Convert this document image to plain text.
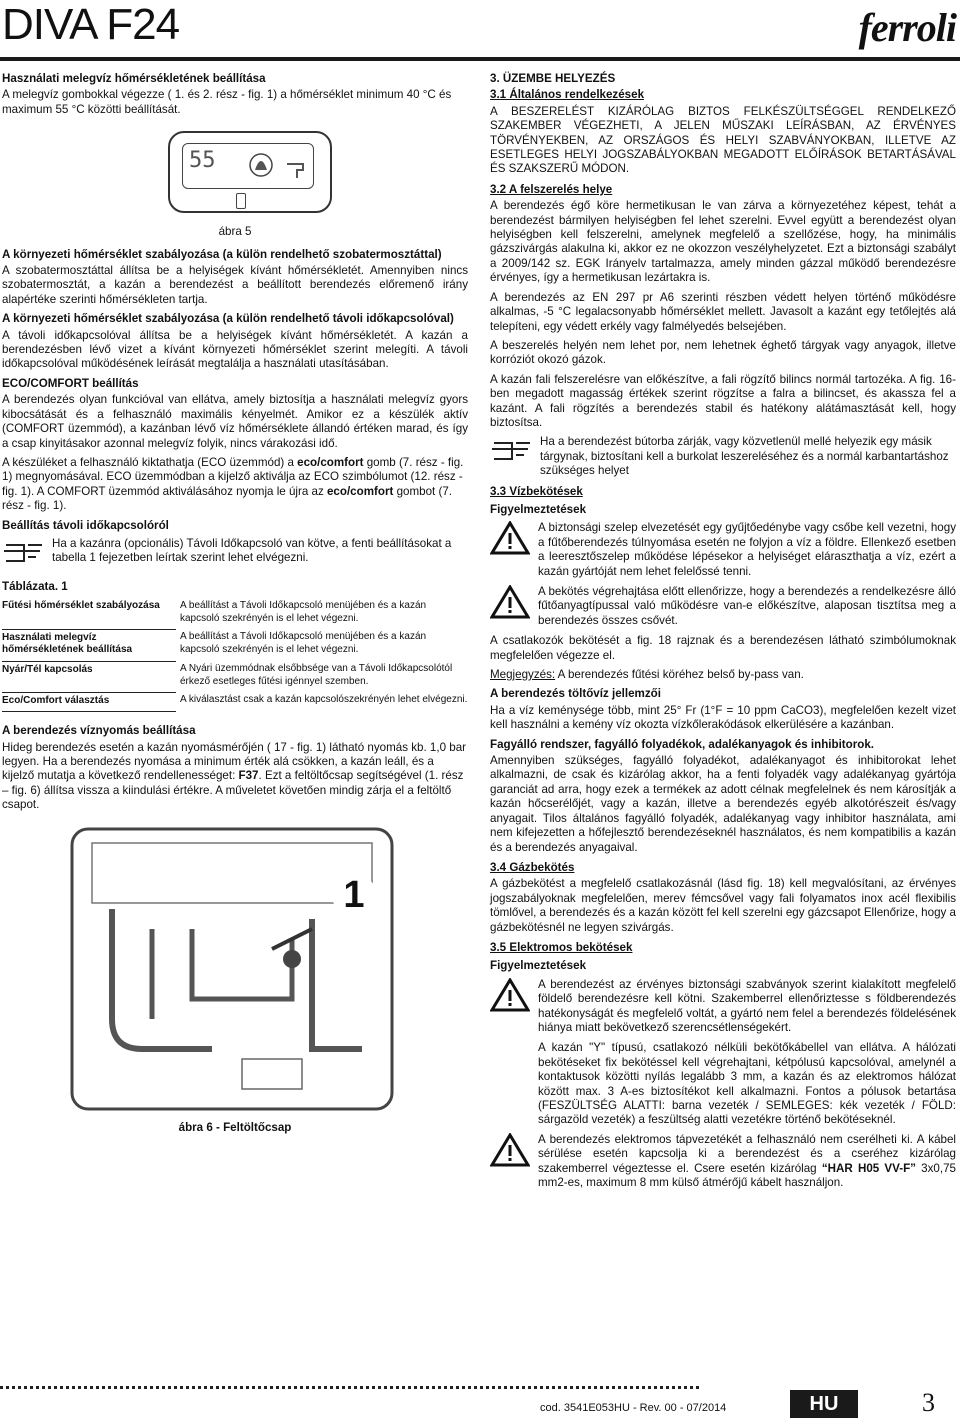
DIVA F24	ferroli
Használati melegvíz hőmérsékletének beállítása

A melegvíz gombokkal végezze ( 1. és 2. rész - fig. 1) a hőmérséklet minimum 40 °C és maximum 55 °C közötti beállítását.

55
ábra 5
A környezeti hőmérséklet szabályozása (a külön rendelhető szobatermosztáttal)

A szobatermosztáttal állítsa be a helyiségek kívánt hőmérsékletét. Amennyiben nincs szobatermosztát, a kazán a berendezést a beállított berendezés előremenő irány alapértéke szerinti hőmérsékleten tartja.

A környezeti hőmérséklet szabályozása (a külön rendelhető távoli időkapcsolóval)

A távoli időkapcsolóval állítsa be a helyiségek kívánt hőmérsékletét. A kazán a berendezésben lévő vizet a kívánt környezeti hőmérséklet szerint melegíti. A távoli időkapcsolóval működésének leírását megtalálja a használati utasításában.

ECO/COMFORT beállítás

A berendezés olyan funkcióval van ellátva, amely biztosítja a használati melegvíz gyors kibocsátását és a felhasználó maximális kényelmét. Amikor ez a készülék aktív (COMFORT üzemmód), a kazánban lévő víz hőmérséklete állandó értéken marad, és így a csap kinyitásakor azonnal melegvíz folyik, nincs várakozási idő.

A készüléket a felhasználó kiktathatja (ECO üzemmód) a eco/comfort gomb (7. rész - fig. 1) megnyomásával. ECO üzemmódban a kijelző aktiválja az ECO szimbólumot (12. rész - fig. 1). A COMFORT üzemmód aktiválásához nyomja le újra az eco/comfort gombot (7. rész - fig. 1).

Beállítás távoli időkapcsolóról
Ha a kazánra (opcionális) Távoli Időkapcsoló van kötve, a fenti beállításokat a tabella 1 fejezetben leírtak szerint lehet elvégezni.
Táblázata. 1
Fűtési hőmérséklet szabályozása	A beállítást a Távoli Időkapcsoló menüjében és a kazán kapcsoló szekrényén is el lehet végezni.
Használati melegvíz hőmérsékletének beállítása	A beállítást a Távoli Időkapcsoló menüjében és a kazán kapcsoló szekrényén is el lehet végezni.
Nyár/Tél kapcsolás	A Nyári üzemmódnak elsőbbsége van a Távoli Időkapcsolótól érkező esetleges fűtési igénnyel szemben.
Eco/Comfort választás	A kiválasztást csak a kazán kapcsolószekrényén lehet elvégezni.
A berendezés víznyomás beállítása

Hideg berendezés esetén a kazán nyomásmérőjén ( 17 - fig. 1) látható nyomás kb. 1,0 bar legyen. Ha a berendezés nyomása a minimum érték alá csökken, a kazán leáll, és a kijelző mutatja a következő rendellenességet: F37. Ezt a feltöltőcsap segítségével (1. rész – fig. 6) állítsa vissza a kiindulási értékre. A műveletet követően mindig zárja el a feltöltő csapot.

1
ábra 6 - Feltöltőcsap
3. ÜZEMBE HELYEZÉS
3.1 Általános rendelkezések

A BESZERELÉST KIZÁRÓLAG BIZTOS FELKÉSZÜLTSÉGGEL RENDELKEZŐ SZAKEMBER VÉGEZHETI, A JELEN MŰSZAKI LEÍRÁSBAN, AZ ÉRVÉNYES TÖRVÉNYEKBEN, AZ ORSZÁGOS ÉS HELYI SZABVÁNYOKBAN, ILLETVE AZ ESETLEGES HELYI JOGSZABÁLYOKBAN MEGADOTT ELŐÍRÁSOK BETARTÁSÁVAL ÉS SZAKSZERŰ MÓDON.

3.2 A felszerelés helye

A berendezés égő köre hermetikusan le van zárva a környezetéhez képest, tehát a berendezést bármilyen helyiségben fel lehet szerelni. Evvel együtt a berendezést olyan helyiségben kell felszerelni, amelynek megfelelő a szellőzése, hogy, ha minimális gázszivárgás alakulna ki, akkor ez ne okozzon veszélyhelyzetet. Ezt a biztonsági szabályt a 2009/142 sz. EGK Irányelv tartalmazza, amely minden gázzal működő berendezésre érvényes, így a hermetikusan lezártakra is.

A berendezés az EN 297 pr A6 szerinti részben védett helyen történő működésre alkalmas, -5 °C legalacsonyabb hőmérséklet mellett. Javasolt a kazánt egy tetőlejtés alá telepíteni, egy védett erkély vagy falmélyedés belsejében.

A beszerelés helyén nem lehet por, nem lehetnek éghető tárgyak vagy anyagok, illetve korróziót okozó gázok.

A kazán fali felszerelésre van előkészítve, a fali rögzítő bilincs normál tartozéka. A fig. 16-ben megadott magasság értékek szerint rögzítse a falra a bilincset, és akassza fel a kazánt. A fali rögzítés a berendezés stabil és hatékony alátámasztását kell, hogy biztosítsa.

Ha a berendezést bútorba zárják, vagy közvetlenül mellé helyezik egy másik tárgynak, biztosítani kell a burkolat leszereléséhez és a normál karbantartáshoz szükséges helyet
3.3 Vízbekötések
Figyelmeztetések
A biztonsági szelep elvezetését egy gyűjtőedénybe vagy csőbe kell vezetni, hogy a fűtőberendezés túlnyomása esetén ne folyjon a víz a földre. Ellenkező esetben a leeresztőszelep működése lépésekor a helyiséget eláraszthatja a víz, ezért a kazán gyártóját nem lehet felelőssé tenni.
A bekötés végrehajtása előtt ellenőrizze, hogy a berendezés a rendelkezésre álló fűtőanyagtípussal való működésre van-e előkészítve, alaposan tisztítsa meg a berendezés összes csővét.

A csatlakozók bekötését a fig. 18 rajznak és a berendezésen látható szimbólumoknak megfelelően végezze el.

Megjegyzés: A berendezés fűtési köréhez belső by-pass van.

A berendezés töltővíz jellemzői

Ha a víz keménysége több, mint 25° Fr (1°F = 10 ppm CaCO3), megfelelően kezelt vizet kell használni a kemény víz okozta vízkőlerakódások elkerülésére a kazánban.

Fagyálló rendszer, fagyálló folyadékok, adalékanyagok és inhibitorok.

Amennyiben szükséges, fagyálló folyadékot, adalékanyagot és inhibitorokat lehet alkalmazni, de csak és kizárólag akkor, ha a fenti folyadék vagy adalékanyag gyártója garanciát ad arra, hogy ezek a termékek az adott célnak megfelelnek és nem károsítják a kazán hőcserélőjét, vagy a kazán, illetve a berendezés egyéb alkotórészeit és/vagy anyagait. Tilos általános fagyálló folyadék, adalékanyag vagy inhibitor használata, ami nem kifejezetten a hőfejlesztő berendezéseknél használatos, és nem kompatibilis a kazán és a berendezés anyagaival.

3.4 Gázbekötés

A gázbekötést a megfelelő csatlakozásnál (lásd fig. 18) kell megvalósítani, az érvényes jogszabályoknak megfelelően, merev fémcsővel vagy fali folyamatos inox acél flexibilis tömlővel, a berendezés és a kazán között fel kell szerelni egy gázcsapot Ellenőrize, hogy a gázbekötésnél ne legyen szivárgás.

3.5 Elektromos bekötések
Figyelmeztetések
A berendezést az érvényes biztonsági szabványok szerint kialakított megfelelő földelő berendezésre kell kötni. Szakemberrel ellenőriztesse s földberendezés hatékonyságát és megfelelő voltát, a gyártó nem felel a berendezés földelésének hiánya miatt bekövetkező szerencsétlenségekért.

A kazán "Y" típusú, csatlakozó nélküli bekötőkábellel van ellátva. A hálózati bekötéseket fix bekötéssel kell végrehajtani, kétpólusú kapcsolóval, amelynél a kontaktusok közötti nyílás legalább 3 mm, a kazán és az elektromos hálózat között max. 3 A-es biztosítékot kell alkalmazni. Fontos a pólusok betartása (FESZÜLTSÉG ALATTI: barna vezeték / SEMLEGES: kék vezeték / FÖLD: sárgazöld vezeték) a feszültség alatti vezetékre történő bekötéseknél.

A berendezés elektromos tápvezetékét a felhasználó nem cserélheti ki. A kábel sérülése esetén kapcsolja ki a berendezést és a cseréhez kizárólag szakemberrel végeztesse el. Csere esetén kizárólag “HAR H05 VV-F” 3x0,75 mm2-es, maximum 8 mm külső átmérőjű kábelt használjon.
cod. 3541E053HU - Rev. 00 - 07/2014	HU	3
